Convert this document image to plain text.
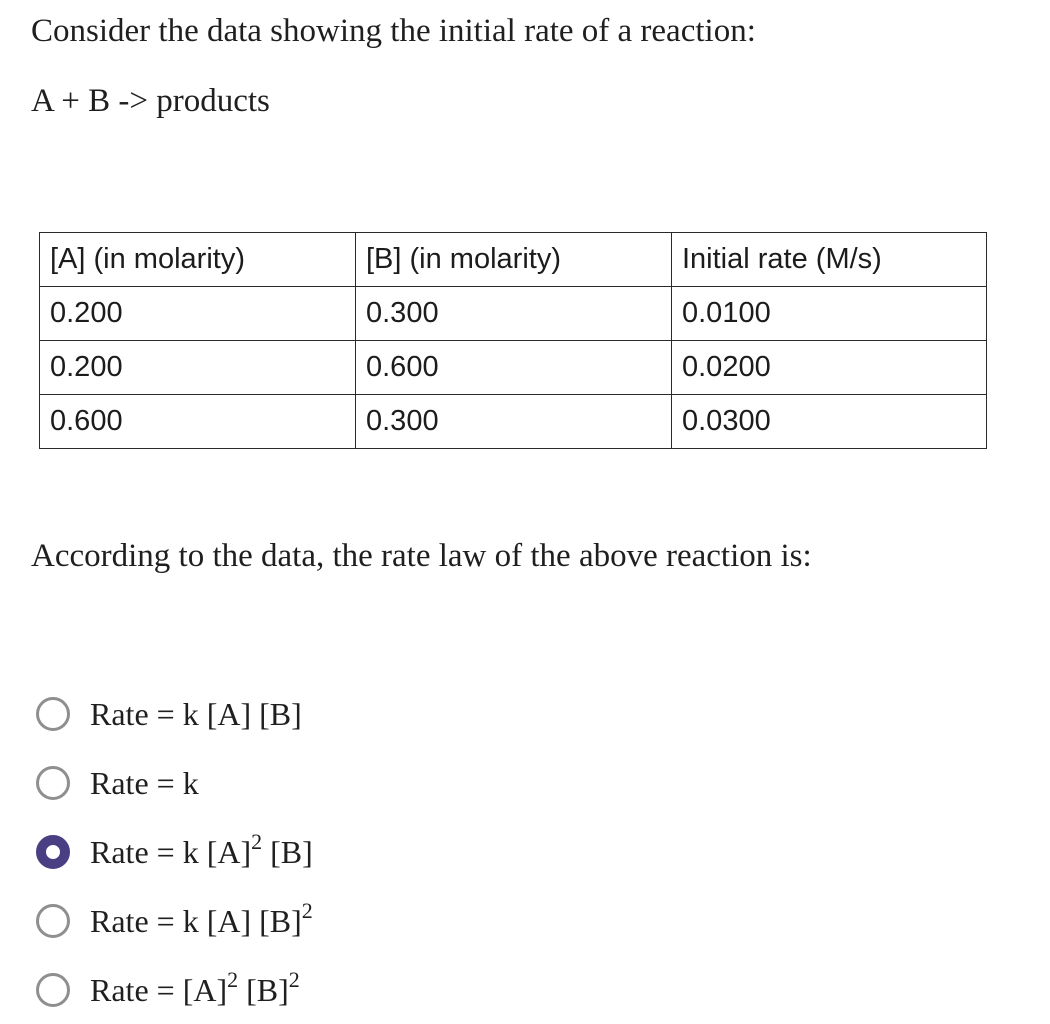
Consider the data showing the initial rate of a reaction:
A + B -> products
[A] (in molarity)	[B] (in molarity)	Initial rate (M/s)
0.200	0.300	0.0100
0.200	0.600	0.0200
0.600	0.300	0.0300
According to the data, the rate law of the above reaction is:
Rate = k [A] [B]
Rate = k
Rate = k $[A]^2$ [B]
Rate = k [A] $[B]^2$
Rate = $[A]^2$ $[B]^2$
